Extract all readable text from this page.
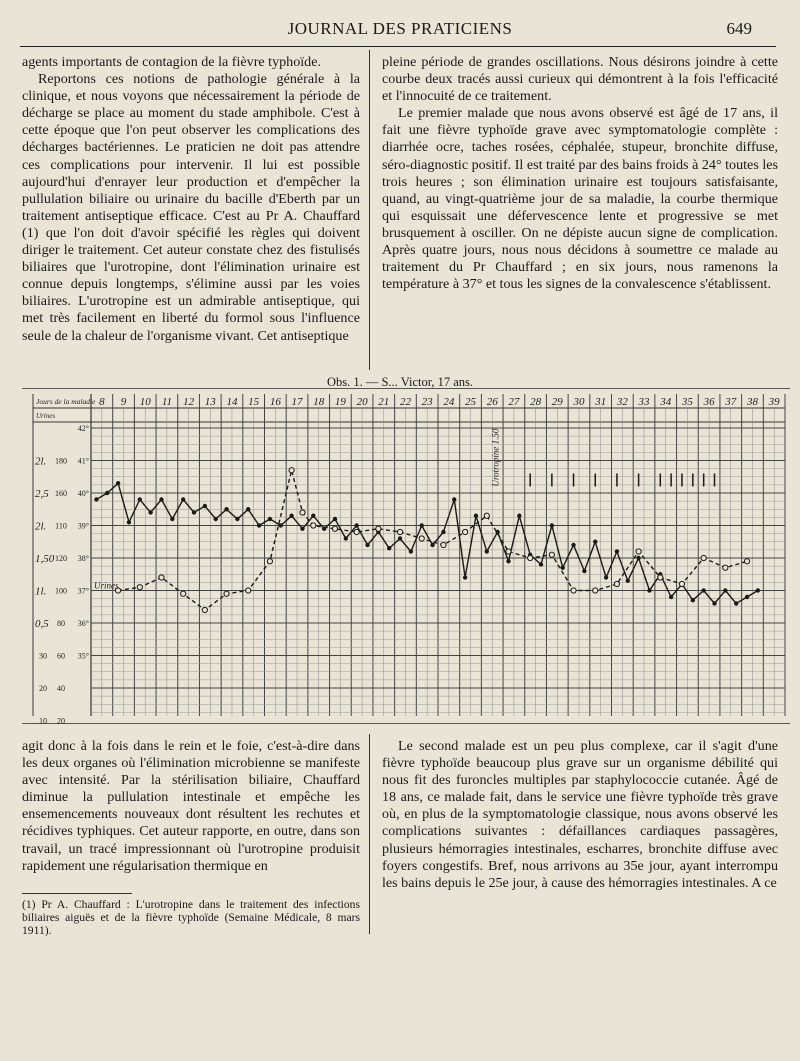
JOURNAL DES PRATICIENS	649

agents importants de contagion de la fièvre typhoïde.

Reportons ces notions de pathologie générale à la clinique, et nous voyons que nécessairement la période de décharge se place au moment du stade amphibole. C'est à cette époque que l'on peut observer les complications des décharges bactériennes. Le praticien ne doit pas attendre ces complications pour intervenir. Il lui est possible aujourd'hui d'enrayer leur production et d'empêcher la pullulation biliaire ou urinaire du bacille d'Eberth par un traitement antiseptique efficace. C'est au Pr A. Chauffard (1) que l'on doit d'avoir spécifié les règles qui doivent diriger le traitement. Cet auteur constate chez des fistulisés biliaires que l'urotropine, dont l'élimination urinaire est connue depuis longtemps, s'élimine aussi par les voies biliaires. L'urotropine est un admirable antiseptique, qui met très facilement en liberté du formol sous l'influence seule de la chaleur de l'organisme vivant. Cet antiseptique

pleine période de grandes oscillations. Nous désirons joindre à cette courbe deux tracés aussi curieux qui démontrent à la fois l'efficacité et l'innocuité de ce traitement.

Le premier malade que nous avons observé est âgé de 17 ans, il fait une fièvre typhoïde grave avec symptomatologie complète : diarrhée ocre, taches rosées, céphalée, stupeur, bronchite diffuse, séro-diagnostic positif. Il est traité par des bains froids à 24° toutes les trois heures ; son élimination urinaire est toujours satisfaisante, quand, au vingt-quatrième jour de sa maladie, la courbe thermique qui esquissait une défervescence lente et progressive se met brusquement à osciller. On ne dépiste aucun signe de complication. Après quatre jours, nous nous décidons à soumettre ce malade au traitement du Pr Chauffard ; en six jours, nous ramenons la température à 37° et tous les signes de la convalescence s'établissent.

Obs. 1. — S... Victor, 17 ans.
8 9 10 11 12 13 14 15 16 17 18 19 20 21 22 23 24 25 26 27 28 29 30 31 32 33 34 35 36 37 38 39
Jours de la maladie
Urines
42°
41°
40°
39°
38°
37°
36°
35°
180
160
110
120
100
80
60
40
20
30
20
10
2l.
2,5
2l.
1,50
1l.
0,5
Urotropine 1.50
Urines

agit donc à la fois dans le rein et le foie, c'est-à-dire dans les deux organes où l'élimination microbienne se manifeste avec intensité. Par la stérilisation biliaire, Chauffard diminue la pullulation intestinale et empêche les ensemencements nouveaux dont résultent les rechutes et récidives typhiques. Cet auteur rapporte, en outre, dans son travail, un tracé impressionnant où l'urotropine produisit rapidement une régularisation thermique en

Le second malade est un peu plus complexe, car il s'agit d'une fièvre typhoïde beaucoup plus grave sur un organisme débilité qui nous fit des furoncles multiples par staphylococcie cutanée. Âgé de 18 ans, ce malade fait, dans le service une fièvre typhoïde très grave où, en plus de la symptomatologie classique, nous avons observé les complications suivantes : défaillances cardiaques passagères, plusieurs hémorragies intestinales, escharres, bronchite diffuse avec foyers congestifs. Bref, nous arrivons au 35e jour, ayant interrompu les bains depuis le 25e jour, à cause des hémorragies intestinales. A ce

(1) Pr A. Chauffard : L'urotropine dans le traitement des infections biliaires aiguës et de la fièvre typhoïde (Semaine Médicale, 8 mars 1911).
